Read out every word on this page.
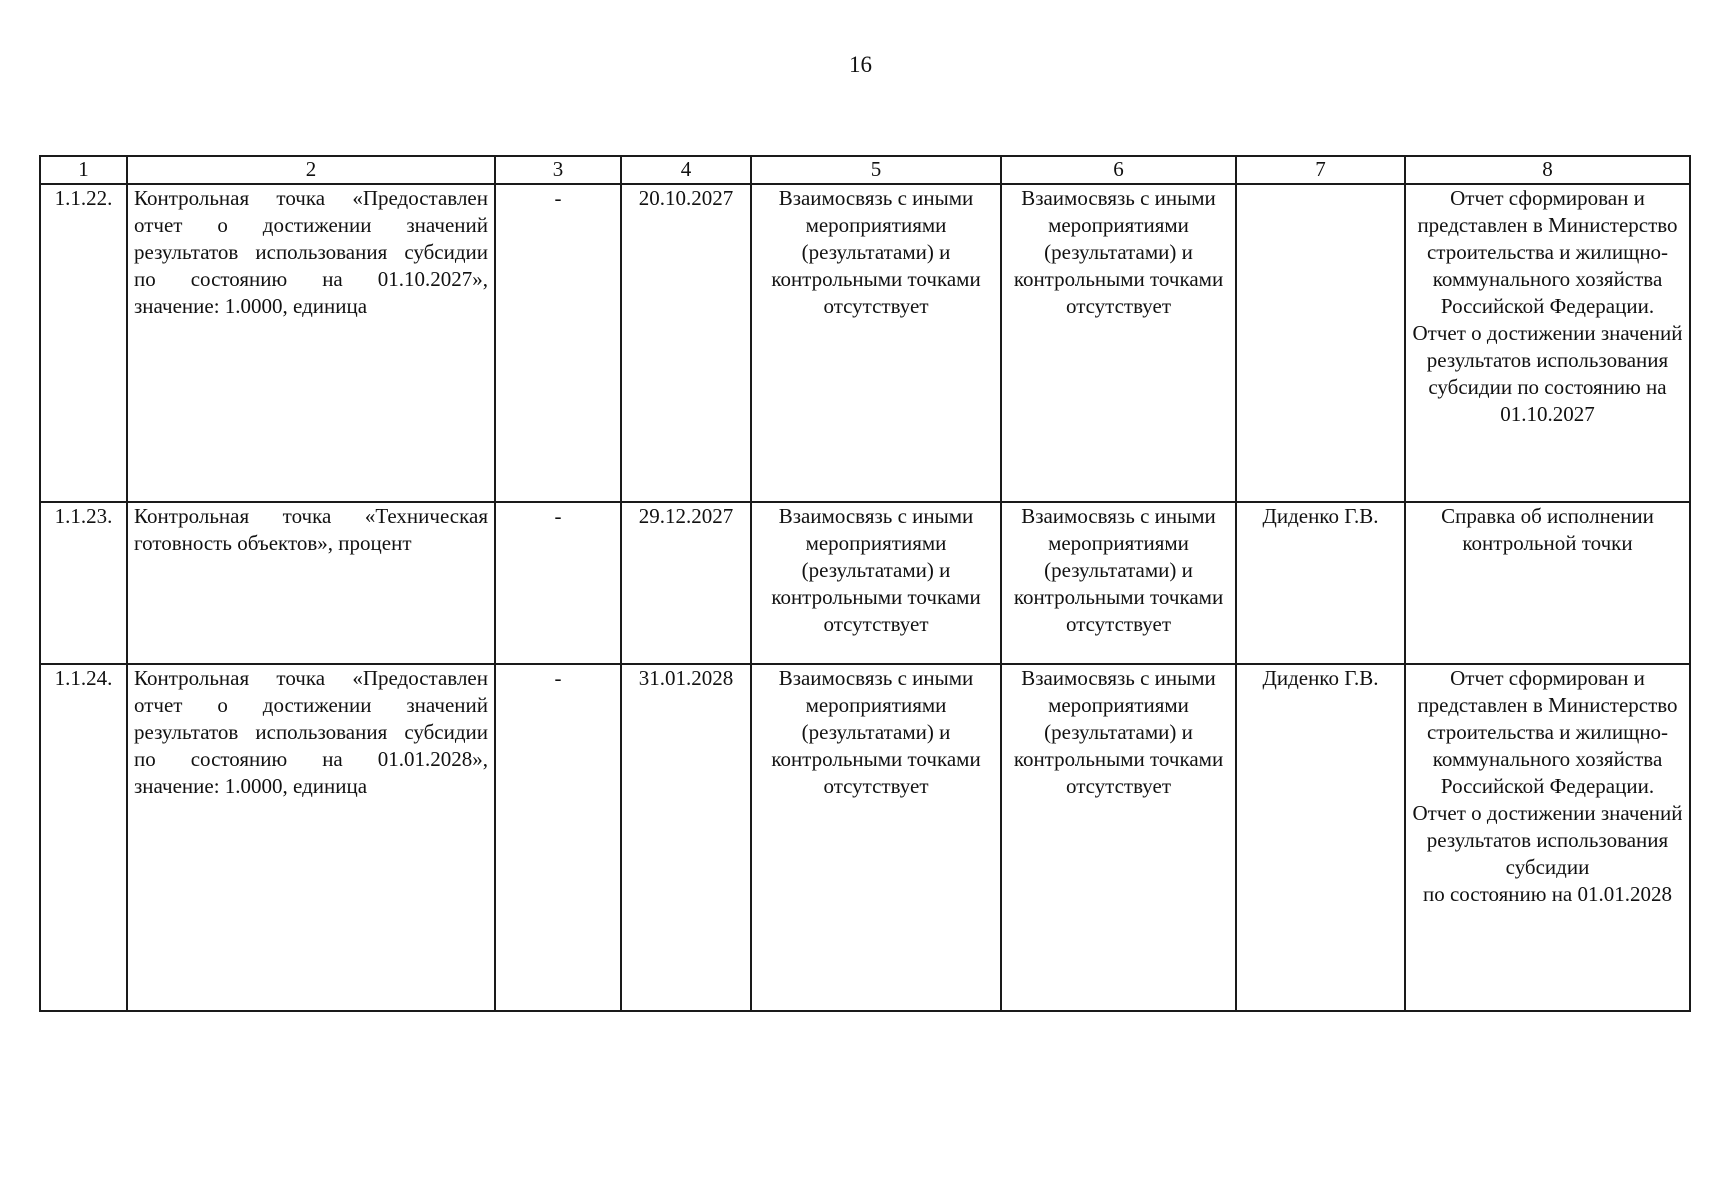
16
1	2	3	4	5	6	7	8
1.1.22.	Контрольная точка «Предоставлен отчет о достижении значений результатов использования субсидии по состоянию на 01.10.2027», значение: 1.0000, единица	-	20.10.2027	Взаимосвязь с иными мероприятиями (результатами) и контрольными точками отсутствует	Взаимосвязь с иными мероприятиями (результатами) и контрольными точками отсутствует		Отчет сформирован и представлен в Министерство строительства и жилищно-коммунального хозяйства Российской Федерации. Отчет о достижении значений результатов использования субсидии по состоянию на 01.10.2027
1.1.23.	Контрольная точка «Техническая готовность объектов», процент	-	29.12.2027	Взаимосвязь с иными мероприятиями (результатами) и контрольными точками отсутствует	Взаимосвязь с иными мероприятиями (результатами) и контрольными точками отсутствует	Диденко Г.В.	Справка об исполнении контрольной точки
1.1.24.	Контрольная точка «Предоставлен отчет о достижении значений результатов использования субсидии по состоянию на 01.01.2028», значение: 1.0000, единица	-	31.01.2028	Взаимосвязь с иными мероприятиями (результатами) и контрольными точками отсутствует	Взаимосвязь с иными мероприятиями (результатами) и контрольными точками отсутствует	Диденко Г.В.	Отчет сформирован и представлен в Министерство строительства и жилищно-коммунального хозяйства Российской Федерации. Отчет о достижении значений результатов использования субсидии
по состоянию на 01.01.2028
